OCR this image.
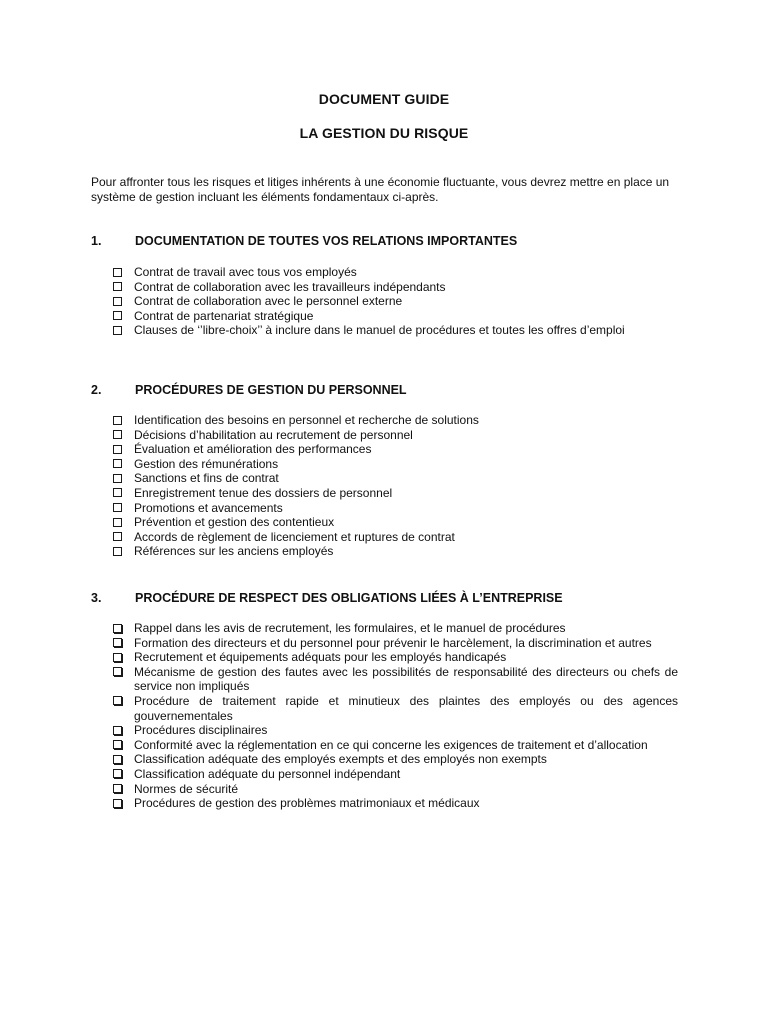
DOCUMENT GUIDE
LA GESTION DU RISQUE

Pour affronter tous les risques et litiges inhérents à une économie fluctuante, vous devrez mettre en place un système de gestion incluant les éléments fondamentaux ci-après.

1.	DOCUMENTATION DE TOUTES VOS RELATIONS IMPORTANTES
Contrat de travail avec tous vos employés
Contrat de collaboration avec les travailleurs indépendants
Contrat de collaboration avec le personnel externe
Contrat de partenariat stratégique
Clauses de ‘’libre-choix’’ à inclure dans le manuel de procédures et toutes les offres d’emploi
2.	PROCÉDURES DE GESTION DU PERSONNEL
Identification des besoins en personnel et recherche de solutions
Décisions d’habilitation au recrutement de personnel
Évaluation et amélioration des performances
Gestion des rémunérations
Sanctions et fins de contrat
Enregistrement tenue des dossiers de personnel
Promotions et avancements
Prévention et gestion des contentieux
Accords de règlement de licenciement et ruptures de contrat
Références sur les anciens employés
3.	PROCÉDURE DE RESPECT DES OBLIGATIONS LIÉES À L’ENTREPRISE
Rappel dans les avis de recrutement, les formulaires, et le manuel de procédures
Formation des directeurs et du personnel pour prévenir le harcèlement, la discrimination et autres
Recrutement et équipements adéquats pour les employés handicapés
Mécanisme de gestion des fautes avec les possibilités de responsabilité des directeurs ou chefs de service non impliqués
Procédure de traitement rapide et minutieux des plaintes des employés ou des agences gouvernementales
Procédures disciplinaires
Conformité avec la réglementation en ce qui concerne les exigences de traitement et d’allocation
Classification adéquate des employés exempts et des employés non exempts
Classification adéquate du personnel indépendant
Normes de sécurité
Procédures de gestion des problèmes matrimoniaux et médicaux
